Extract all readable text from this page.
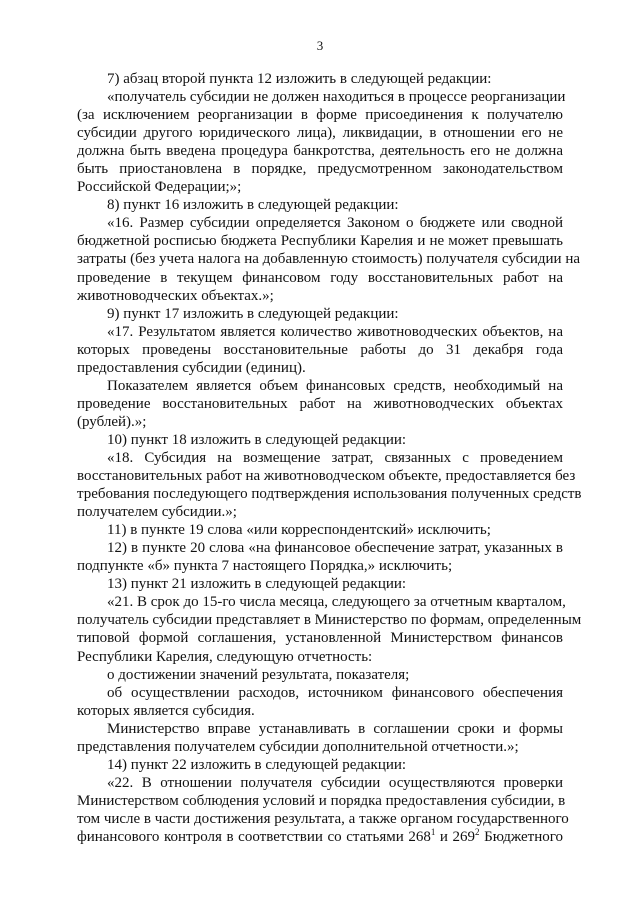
3
7) абзац второй пункта 12 изложить в следующей редакции:
«получатель субсидии не должен находиться в процессе реорганизации
(за исключением реорганизации в форме присоединения к получателю
субсидии другого юридического лица), ликвидации, в отношении его не
должна быть введена процедура банкротства, деятельность его не должна
быть приостановлена в порядке, предусмотренном законодательством
Российской Федерации;»;
8) пункт 16 изложить в следующей редакции:
«16. Размер субсидии определяется Законом о бюджете или сводной
бюджетной росписью бюджета Республики Карелия и не может превышать
затраты (без учета налога на добавленную стоимость) получателя субсидии на
проведение в текущем финансовом году восстановительных работ на
животноводческих объектах.»;
9) пункт 17 изложить в следующей редакции:
«17. Результатом является количество животноводческих объектов, на
которых проведены восстановительные работы до 31 декабря года
предоставления субсидии (единиц).
Показателем является объем финансовых средств, необходимый на
проведение восстановительных работ на животноводческих объектах
(рублей).»;
10) пункт 18 изложить в следующей редакции:
«18. Субсидия на возмещение затрат, связанных с проведением
восстановительных работ на животноводческом объекте, предоставляется без
требования последующего подтверждения использования полученных средств
получателем субсидии.»;
11) в пункте 19 слова «или корреспондентский» исключить;
12) в пункте 20 слова «на финансовое обеспечение затрат, указанных в
подпункте «б» пункта 7 настоящего Порядка,» исключить;
13) пункт 21 изложить в следующей редакции:
«21. В срок до 15-го числа месяца, следующего за отчетным кварталом,
получатель субсидии представляет в Министерство по формам, определенным
типовой формой соглашения, установленной Министерством финансов
Республики Карелия, следующую отчетность:
о достижении значений результата, показателя;
об осуществлении расходов, источником финансового обеспечения
которых является субсидия.
Министерство вправе устанавливать в соглашении сроки и формы
представления получателем субсидии дополнительной отчетности.»;
14) пункт 22 изложить в следующей редакции:
«22. В отношении получателя субсидии осуществляются проверки
Министерством соблюдения условий и порядка предоставления субсидии, в
том числе в части достижения результата, а также органом государственного
финансового контроля в соответствии со статьями $268^1$ и $269^2$ Бюджетного
